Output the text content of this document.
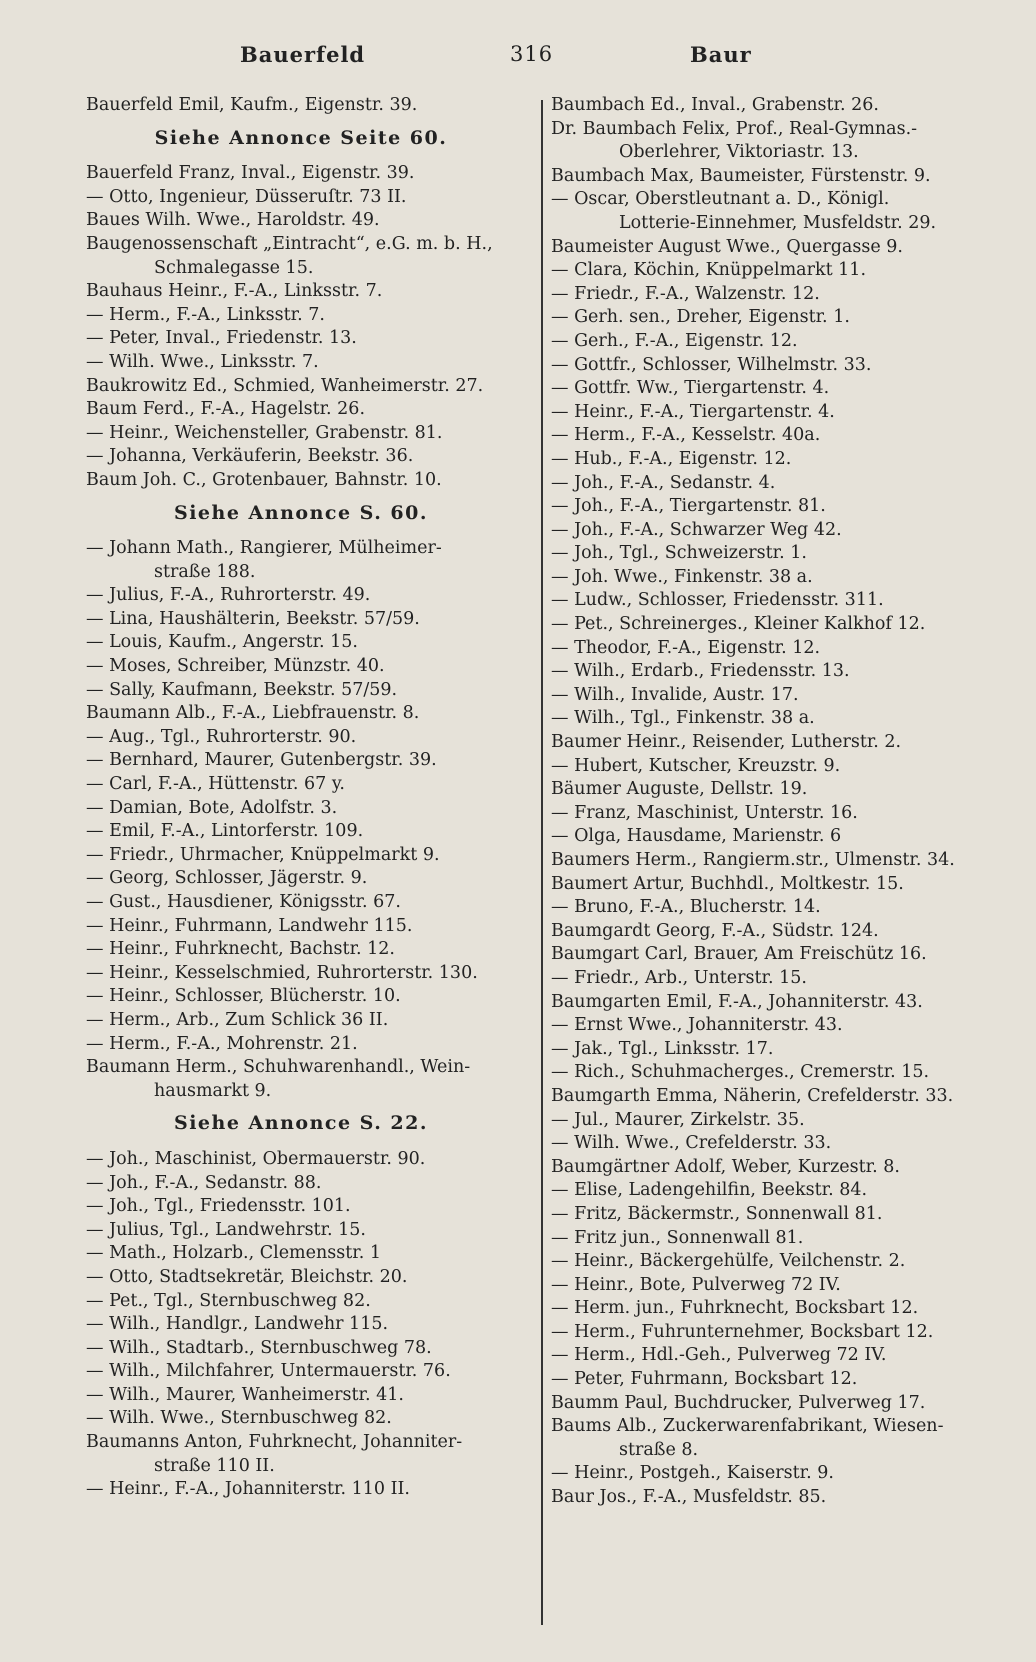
Bauerfeld	316	Baur
Bauerfeld Emil, Kaufm., Eigenstr. 39.
Siehe Annonce Seite 60.
Bauerfeld Franz, Inval., Eigenstr. 39.
— Otto, Ingenieur, Düsseruſtr. 73 II.
Baues Wilh. Wwe., Haroldstr. 49.
Baugenossenschaft „Eintracht“, e.G. m. b. H.,
Schmalegasse 15.
Bauhaus Heinr., F.-A., Linksstr. 7.
— Herm., F.-A., Linksstr. 7.
— Peter, Inval., Friedenstr. 13.
— Wilh. Wwe., Linksstr. 7.
Baukrowitz Ed., Schmied, Wanheimerstr. 27.
Baum Ferd., F.-A., Hagelstr. 26.
— Heinr., Weichensteller, Grabenstr. 81.
— Johanna, Verkäuferin, Beekstr. 36.
Baum Joh. C., Grotenbauer, Bahnstr. 10.
Siehe Annonce S. 60.
— Johann Math., Rangierer, Mülheimer-
straße 188.
— Julius, F.-A., Ruhrorterstr. 49.
— Lina, Haushälterin, Beekstr. 57/59.
— Louis, Kaufm., Angerstr. 15.
— Moses, Schreiber, Münzstr. 40.
— Sally, Kaufmann, Beekstr. 57/59.
Baumann Alb., F.-A., Liebfrauenstr. 8.
— Aug., Tgl., Ruhrorterstr. 90.
— Bernhard, Maurer, Gutenbergstr. 39.
— Carl, F.-A., Hüttenstr. 67 y.
— Damian, Bote, Adolfstr. 3.
— Emil, F.-A., Lintorferstr. 109.
— Friedr., Uhrmacher, Knüppelmarkt 9.
— Georg, Schlosser, Jägerstr. 9.
— Gust., Hausdiener, Königsstr. 67.
— Heinr., Fuhrmann, Landwehr 115.
— Heinr., Fuhrknecht, Bachstr. 12.
— Heinr., Kesselschmied, Ruhrorterstr. 130.
— Heinr., Schlosser, Blücherstr. 10.
— Herm., Arb., Zum Schlick 36 II.
— Herm., F.-A., Mohrenstr. 21.
Baumann Herm., Schuhwarenhandl., Wein-
hausmarkt 9.
Siehe Annonce S. 22.
— Joh., Maschinist, Obermauerstr. 90.
— Joh., F.-A., Sedanstr. 88.
— Joh., Tgl., Friedensstr. 101.
— Julius, Tgl., Landwehrstr. 15.
— Math., Holzarb., Clemensstr. 1
— Otto, Stadtsekretär, Bleichstr. 20.
— Pet., Tgl., Sternbuschweg 82.
— Wilh., Handlgr., Landwehr 115.
— Wilh., Stadtarb., Sternbuschweg 78.
— Wilh., Milchfahrer, Untermauerstr. 76.
— Wilh., Maurer, Wanheimerstr. 41.
— Wilh. Wwe., Sternbuschweg 82.
Baumanns Anton, Fuhrknecht, Johanniter-
straße 110 II.
— Heinr., F.-A., Johanniterstr. 110 II.
Baumbach Ed., Inval., Grabenstr. 26.
Dr. Baumbach Felix, Prof., Real-Gymnas.-
Oberlehrer, Viktoriastr. 13.
Baumbach Max, Baumeister, Fürstenstr. 9.
— Oscar, Oberstleutnant a. D., Königl.
Lotterie-Einnehmer, Musfeldstr. 29.
Baumeister August Wwe., Quergasse 9.
— Clara, Köchin, Knüppelmarkt 11.
— Friedr., F.-A., Walzenstr. 12.
— Gerh. sen., Dreher, Eigenstr. 1.
— Gerh., F.-A., Eigenstr. 12.
— Gottfr., Schlosser, Wilhelmstr. 33.
— Gottfr. Ww., Tiergartenstr. 4.
— Heinr., F.-A., Tiergartenstr. 4.
— Herm., F.-A., Kesselstr. 40a.
— Hub., F.-A., Eigenstr. 12.
— Joh., F.-A., Sedanstr. 4.
— Joh., F.-A., Tiergartenstr. 81.
— Joh., F.-A., Schwarzer Weg 42.
— Joh., Tgl., Schweizerstr. 1.
— Joh. Wwe., Finkenstr. 38 a.
— Ludw., Schlosser, Friedensstr. 311.
— Pet., Schreinerges., Kleiner Kalkhof 12.
— Theodor, F.-A., Eigenstr. 12.
— Wilh., Erdarb., Friedensstr. 13.
— Wilh., Invalide, Austr. 17.
— Wilh., Tgl., Finkenstr. 38 a.
Baumer Heinr., Reisender, Lutherstr. 2.
— Hubert, Kutscher, Kreuzstr. 9.
Bäumer Auguste, Dellstr. 19.
— Franz, Maschinist, Unterstr. 16.
— Olga, Hausdame, Marienstr. 6
Baumers Herm., Rangierm.str., Ulmenstr. 34.
Baumert Artur, Buchhdl., Moltkestr. 15.
— Bruno, F.-A., Blucherstr. 14.
Baumgardt Georg, F.-A., Südstr. 124.
Baumgart Carl, Brauer, Am Freischütz 16.
— Friedr., Arb., Unterstr. 15.
Baumgarten Emil, F.-A., Johanniterstr. 43.
— Ernst Wwe., Johanniterstr. 43.
— Jak., Tgl., Linksstr. 17.
— Rich., Schuhmacherges., Cremerstr. 15.
Baumgarth Emma, Näherin, Crefelderstr. 33.
— Jul., Maurer, Zirkelstr. 35.
— Wilh. Wwe., Crefelderstr. 33.
Baumgärtner Adolf, Weber, Kurzestr. 8.
— Elise, Ladengehilfin, Beekstr. 84.
— Fritz, Bäckermstr., Sonnenwall 81.
— Fritz jun., Sonnenwall 81.
— Heinr., Bäckergehülfe, Veilchenstr. 2.
— Heinr., Bote, Pulverweg 72 IV.
— Herm. jun., Fuhrknecht, Bocksbart 12.
— Herm., Fuhrunternehmer, Bocksbart 12.
— Herm., Hdl.-Geh., Pulverweg 72 IV.
— Peter, Fuhrmann, Bocksbart 12.
Baumm Paul, Buchdrucker, Pulverweg 17.
Baums Alb., Zuckerwarenfabrikant, Wiesen-
straße 8.
— Heinr., Postgeh., Kaiserstr. 9.
Baur Jos., F.-A., Musfeldstr. 85.
